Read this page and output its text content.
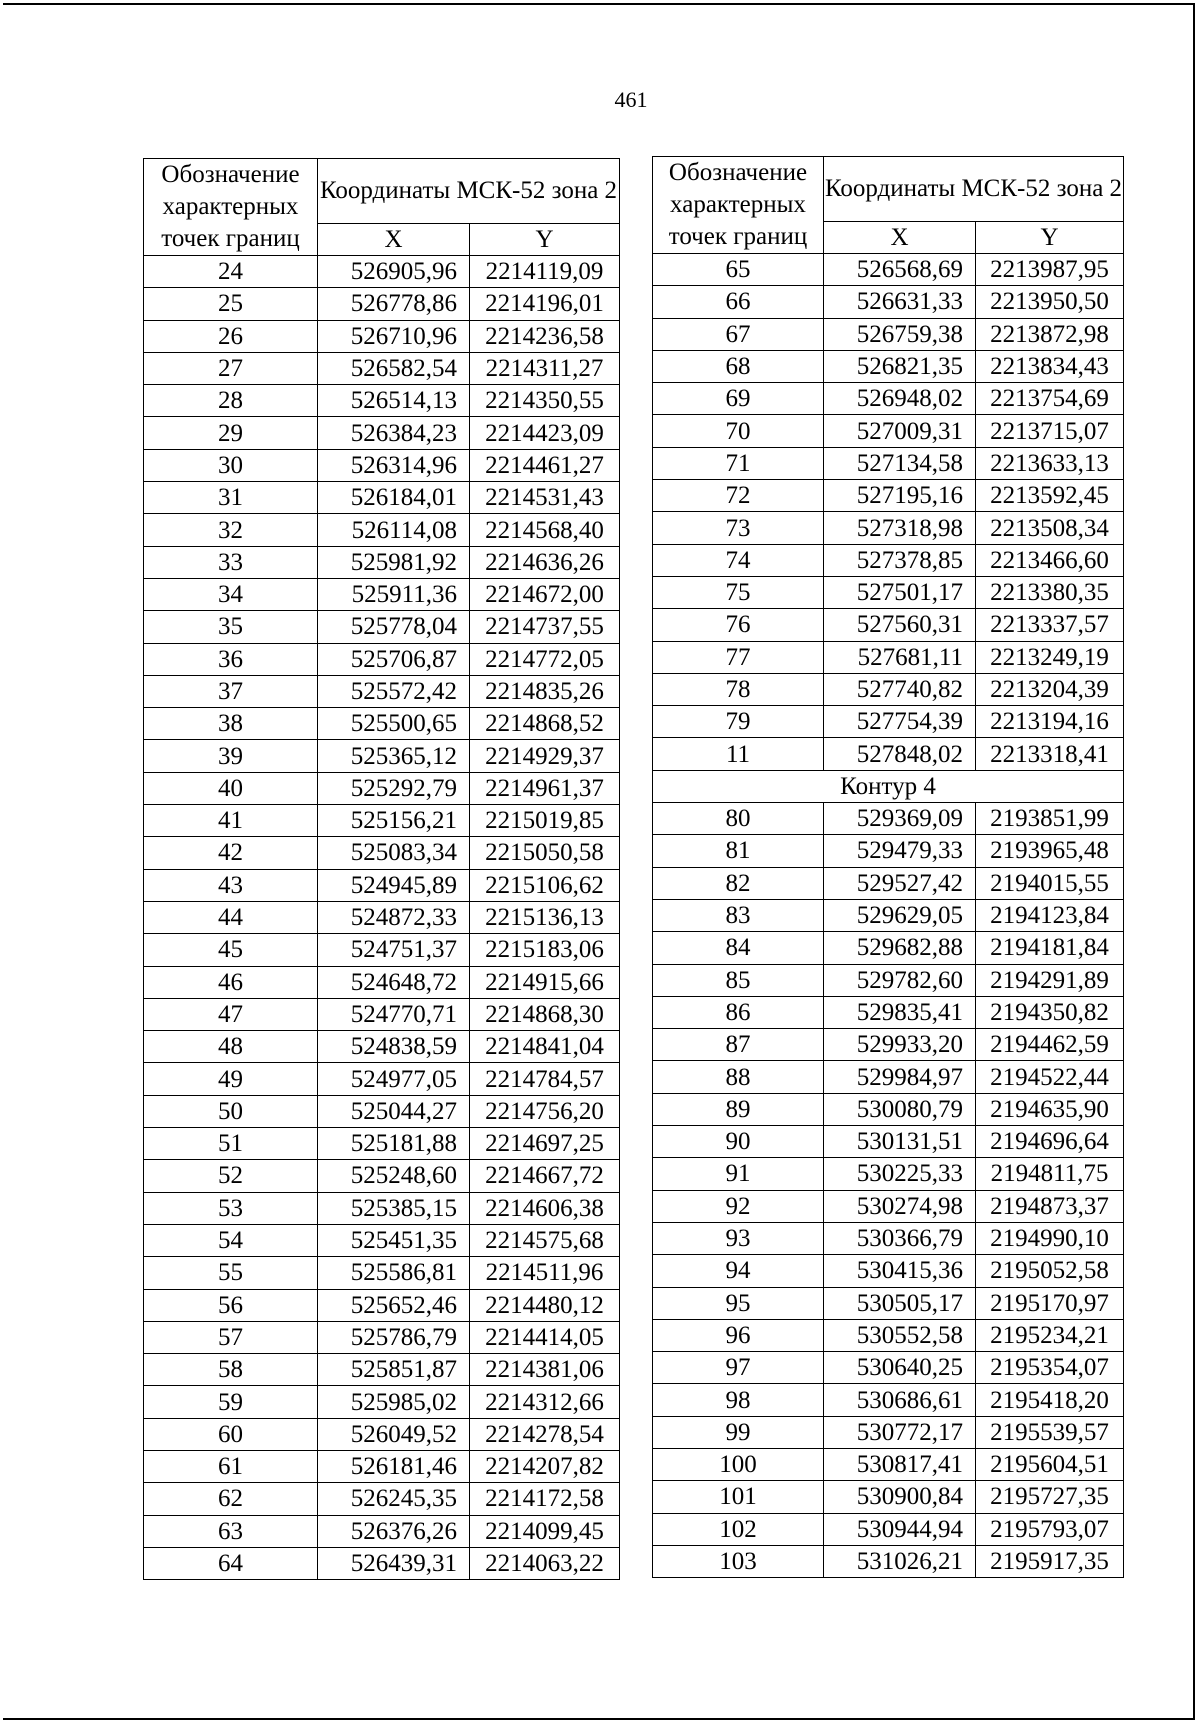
461
Обозначение характерных точек границ	Координаты МСК-52 зона 2	

	X	Y
24	526905,96	2214119,09
25	526778,86	2214196,01
26	526710,96	2214236,58
27	526582,54	2214311,27
28	526514,13	2214350,55
29	526384,23	2214423,09
30	526314,96	2214461,27
31	526184,01	2214531,43
32	526114,08	2214568,40
33	525981,92	2214636,26
34	525911,36	2214672,00
35	525778,04	2214737,55
36	525706,87	2214772,05
37	525572,42	2214835,26
38	525500,65	2214868,52
39	525365,12	2214929,37
40	525292,79	2214961,37
41	525156,21	2215019,85
42	525083,34	2215050,58
43	524945,89	2215106,62
44	524872,33	2215136,13
45	524751,37	2215183,06
46	524648,72	2214915,66
47	524770,71	2214868,30
48	524838,59	2214841,04
49	524977,05	2214784,57
50	525044,27	2214756,20
51	525181,88	2214697,25
52	525248,60	2214667,72
53	525385,15	2214606,38
54	525451,35	2214575,68
55	525586,81	2214511,96
56	525652,46	2214480,12
57	525786,79	2214414,05
58	525851,87	2214381,06
59	525985,02	2214312,66
60	526049,52	2214278,54
61	526181,46	2214207,82
62	526245,35	2214172,58
63	526376,26	2214099,45
64	526439,31	2214063,22
Обозначение характерных точек границ	Координаты МСК-52 зона 2	

	X	Y
65	526568,69	2213987,95
66	526631,33	2213950,50
67	526759,38	2213872,98
68	526821,35	2213834,43
69	526948,02	2213754,69
70	527009,31	2213715,07
71	527134,58	2213633,13
72	527195,16	2213592,45
73	527318,98	2213508,34
74	527378,85	2213466,60
75	527501,17	2213380,35
76	527560,31	2213337,57
77	527681,11	2213249,19
78	527740,82	2213204,39
79	527754,39	2213194,16
11	527848,02	2213318,41
Контур 4		
80	529369,09	2193851,99
81	529479,33	2193965,48
82	529527,42	2194015,55
83	529629,05	2194123,84
84	529682,88	2194181,84
85	529782,60	2194291,89
86	529835,41	2194350,82
87	529933,20	2194462,59
88	529984,97	2194522,44
89	530080,79	2194635,90
90	530131,51	2194696,64
91	530225,33	2194811,75
92	530274,98	2194873,37
93	530366,79	2194990,10
94	530415,36	2195052,58
95	530505,17	2195170,97
96	530552,58	2195234,21
97	530640,25	2195354,07
98	530686,61	2195418,20
99	530772,17	2195539,57
100	530817,41	2195604,51
101	530900,84	2195727,35
102	530944,94	2195793,07
103	531026,21	2195917,35
